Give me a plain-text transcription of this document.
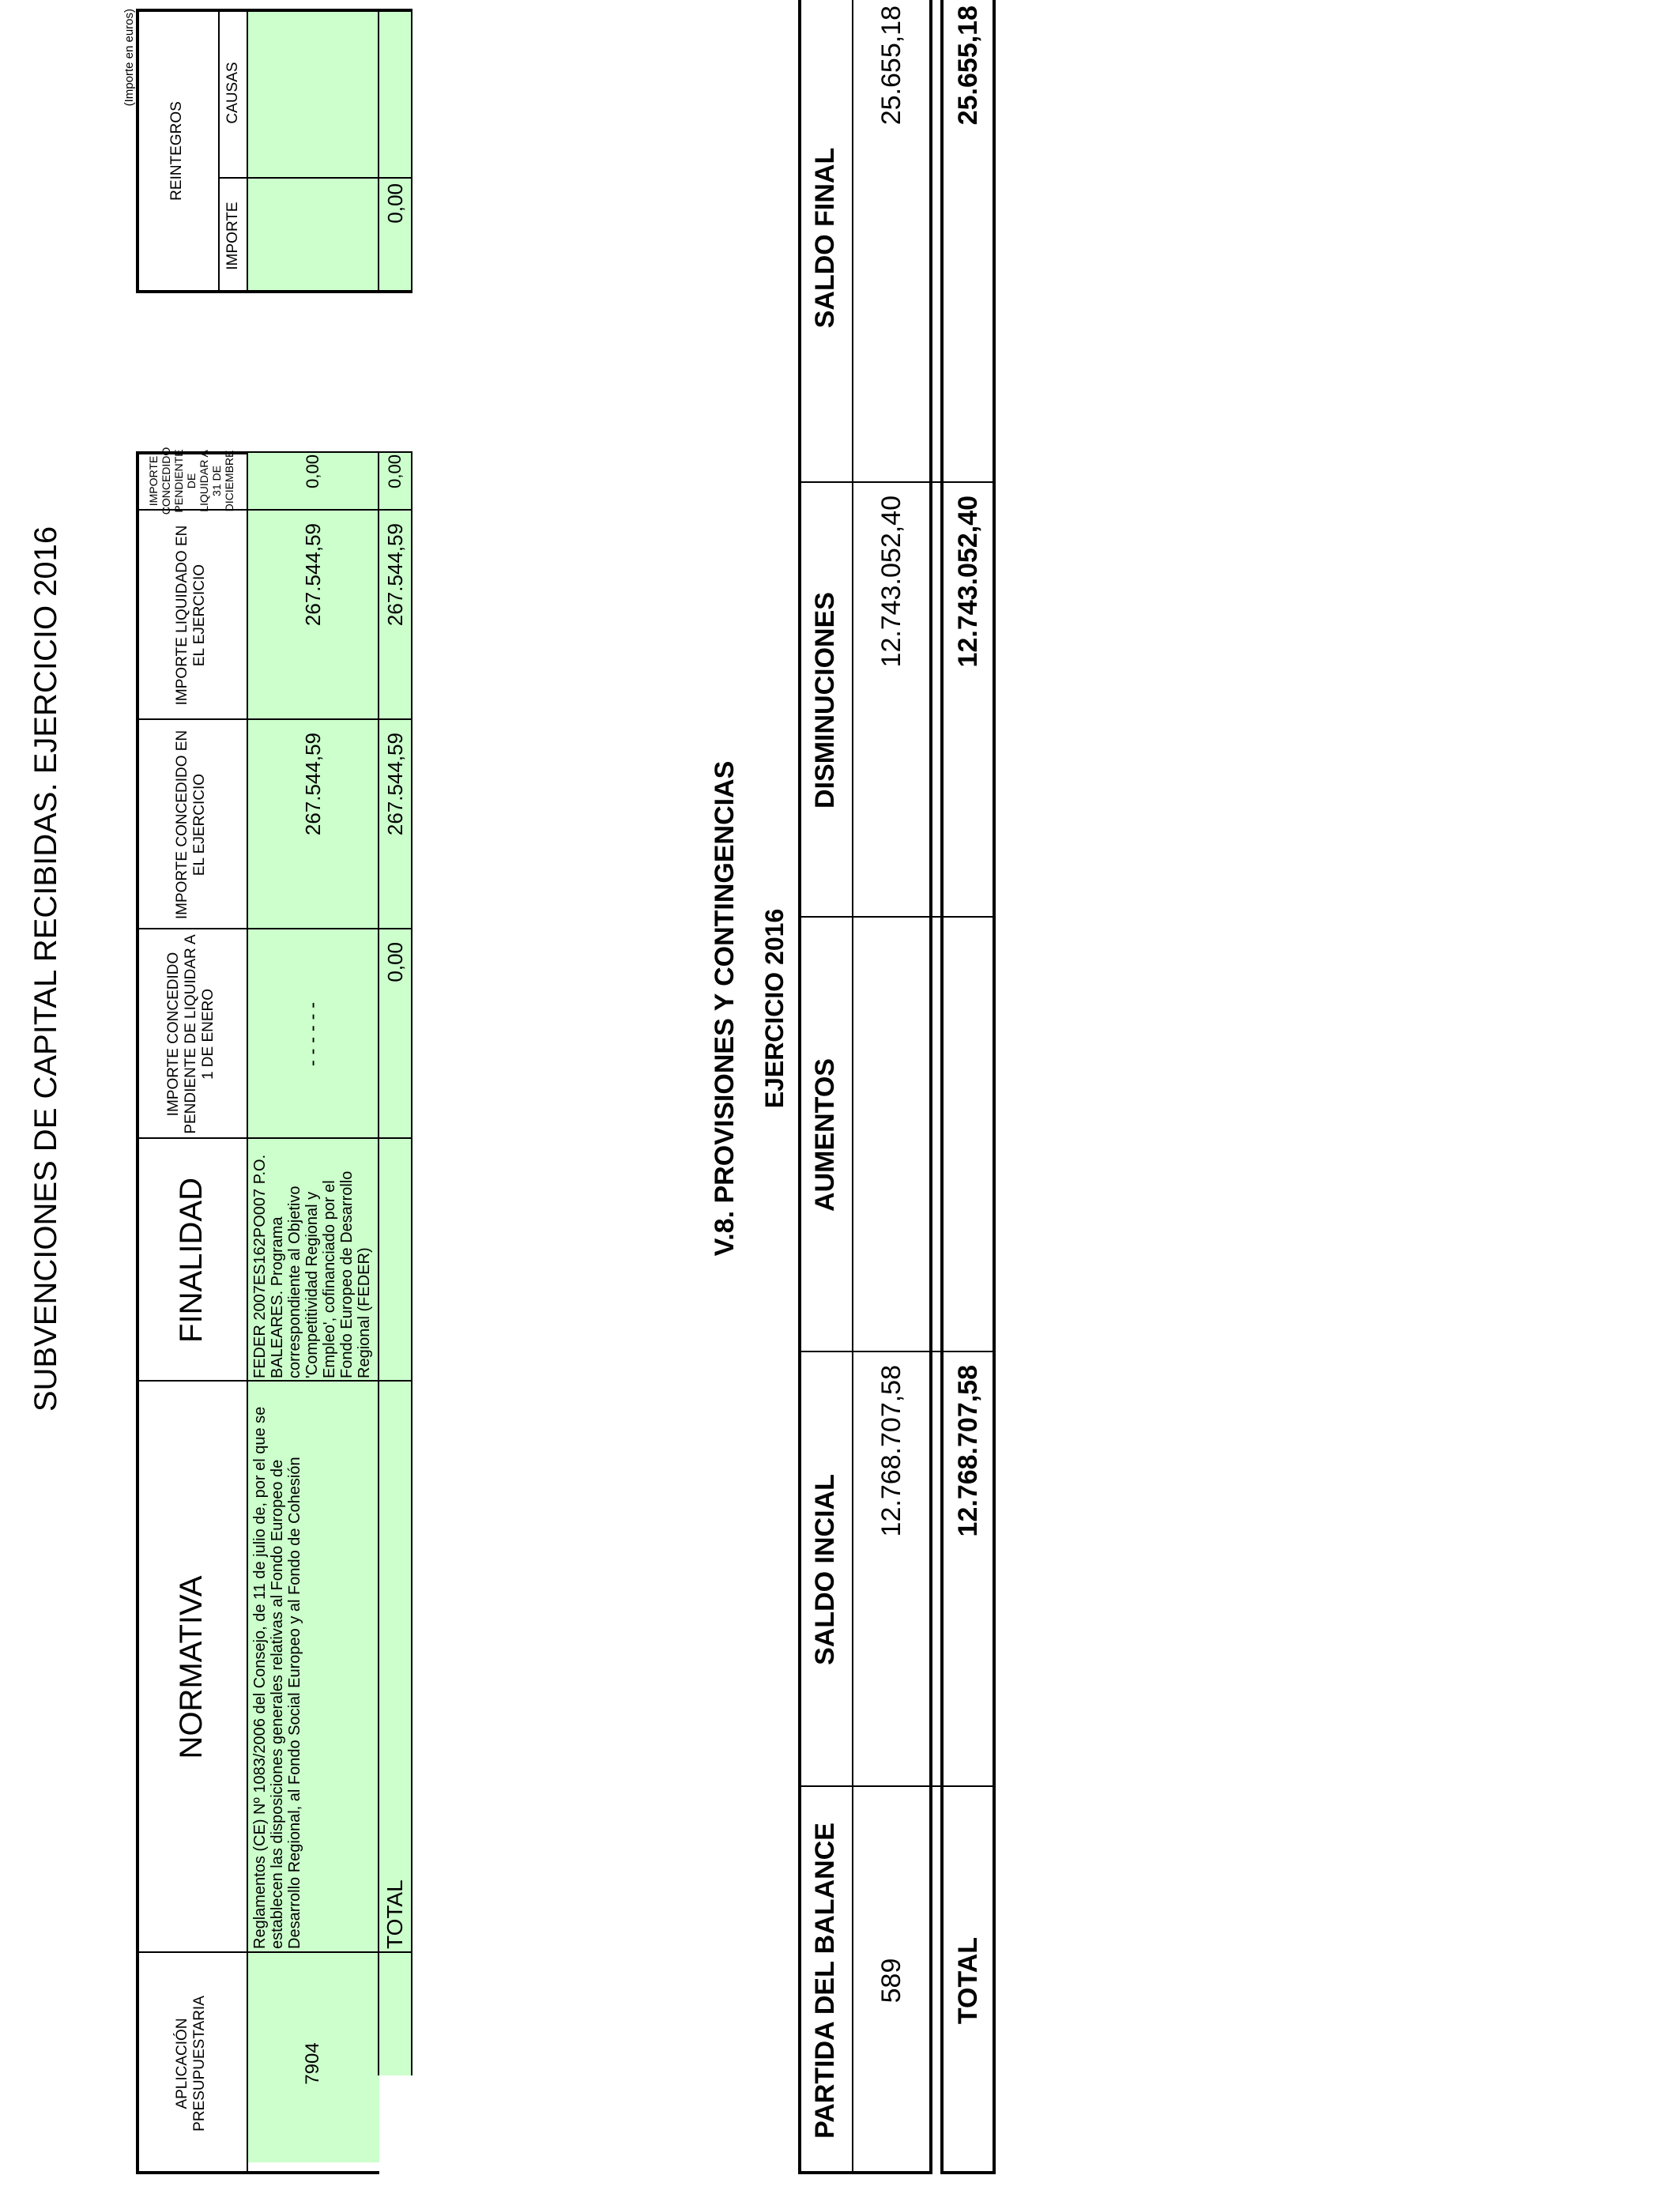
SUBVENCIONES DE CAPITAL RECIBIDAS. EJERCICIO 2016
(Importe en euros)
APLICACIÓN PRESUPUESTARIA
NORMATIVA
FINALIDAD
IMPORTE CONCEDIDO PENDIENTE DE LIQUIDAR A 1 DE ENERO
IMPORTE CONCEDIDO EN EL EJERCICIO
IMPORTE LIQUIDADO EN EL EJERCICIO
IMPORTE CONCEDIDO PENDIENTE DE LIQUIDAR A 31 DE DICIEMBRE
7904
Reglamentos (CE) Nº 1083/2006 del Consejo, de 11 de julio de, por el que se establecen las disposiciones generales relativas al Fondo Europeo de Desarrollo Regional, al Fondo Social Europeo y al Fondo de Cohesión
FEDER 2007ES162PO007 P.O. BALEARES. Programa correspondiente al Objetivo 'Competitividad Regional y Empleo', cofinanciado por el Fondo Europeo de Desarrollo Regional (FEDER)
- - - - - -
267.544,59
267.544,59
0,00
TOTAL
0,00
267.544,59
267.544,59
0,00
REINTEGROS
IMPORTE
CAUSAS
0,00
V.8. PROVISIONES Y CONTINGENCIAS EJERCICIO 2016
PARTIDA DEL BALANCE
SALDO INCIAL
AUMENTOS
DISMINUCIONES
SALDO FINAL
589
12.768.707,58
12.743.052,40
25.655,18
TOTAL
12.768.707,58
12.743.052,40
25.655,18
